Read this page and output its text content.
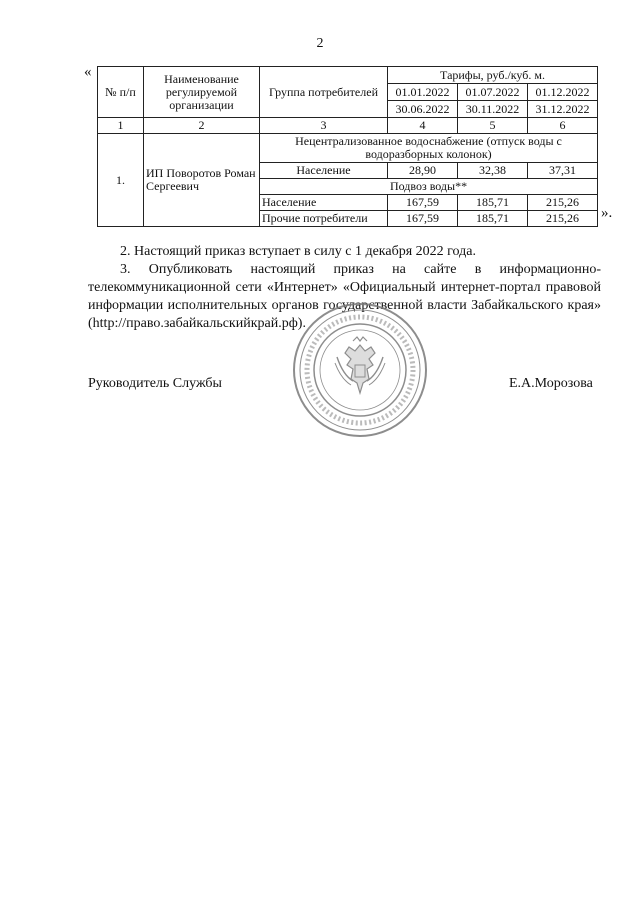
2
«
№ п/п	Наименование регулируемой организации	Группа потребителей	Тарифы, руб./куб. м.		
			01.01.2022	01.07.2022	01.12.2022
			30.06.2022	30.11.2022	31.12.2022
1	2	3	4	5	6
1.	ИП Поворотов Роман Сергеевич	Нецентрализованное водоснабжение (отпуск воды с водоразборных колонок)			
		Население	28,90	32,38	37,31
		Подвоз воды**			
		Население	167,59	185,71	215,26
		Прочие потребители	167,59	185,71	215,26 ».
2. Настоящий приказ вступает в силу с 1 декабря 2022 года.
3. Опубликовать настоящий приказ на сайте в информационно-телекоммуникационной сети «Интернет» «Официальный интернет-портал правовой информации исполнительных органов государственной власти Забайкальского края» (http://право.забайкальскийкрай.рф).
Руководитель Службы	Е.А.Морозова
